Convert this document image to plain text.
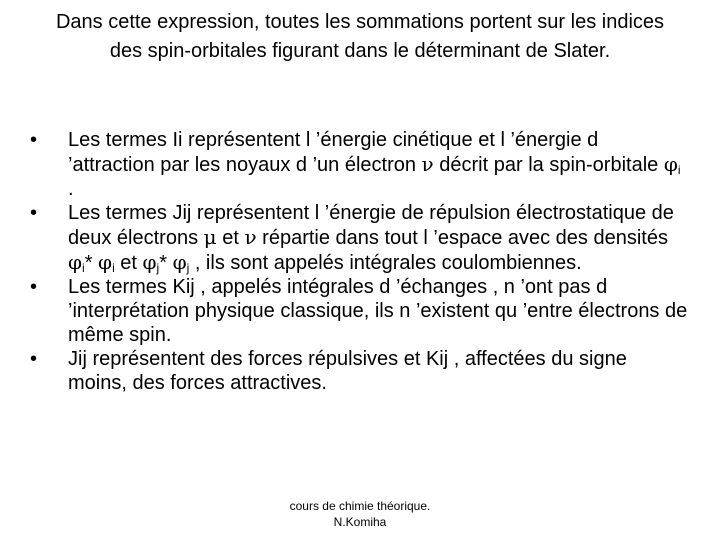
Dans cette expression, toutes les sommations portent sur les indices des spin-orbitales figurant dans le déterminant de Slater.

• Les termes Ii représentent l ’énergie cinétique et l ’énergie d ’attraction par les noyaux d ’un électron ν décrit par la spin-orbitale $\varphi_i$ .
• Les termes Jij représentent l ’énergie de répulsion électrostatique de deux électrons μ et ν répartie dans tout l ’espace avec des densités $\varphi_i*$ $\varphi_i$ et $\varphi_j*$ $\varphi_j$ , ils sont appelés intégrales coulombiennes.
• Les termes Kij , appelés intégrales d ’échanges , n ’ont pas d ’interprétation physique classique, ils n ’existent qu ’entre électrons de même spin.
• Jij représentent des forces répulsives et Kij , affectées du signe moins, des forces attractives.
cours de chimie théorique.
N.Komiha
